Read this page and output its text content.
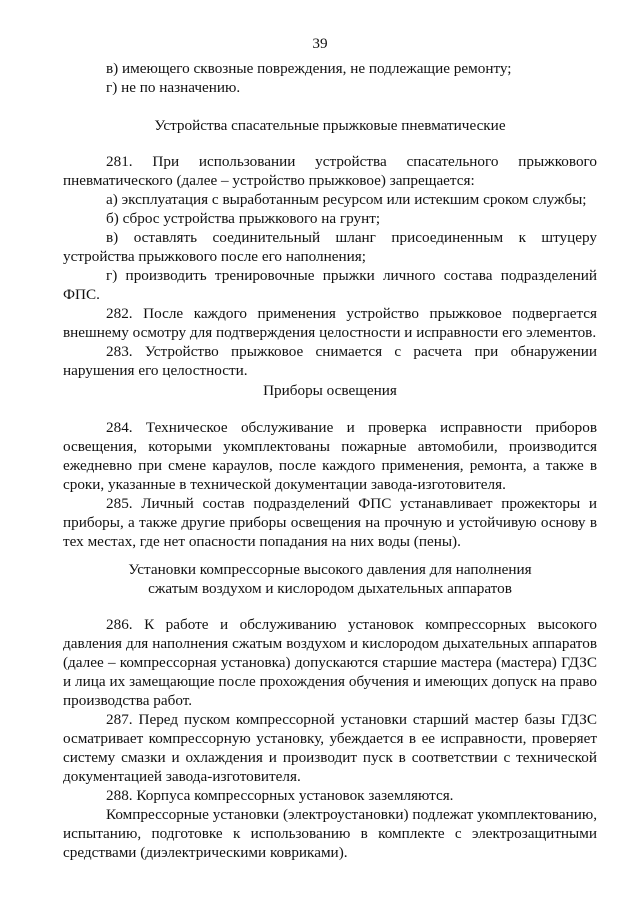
39

в) имеющего сквозные повреждения, не подлежащие ремонту;

г) не по назначению.

Устройства спасательные прыжковые пневматические

281. При использовании устройства спасательного прыжкового пневматического (далее – устройство прыжковое) запрещается:

а) эксплуатация с выработанным ресурсом или истекшим сроком службы;

б) сброс устройства прыжкового на грунт;

в) оставлять соединительный шланг присоединенным к штуцеру устройства прыжкового после его наполнения;

г) производить тренировочные прыжки личного состава подразделений ФПС.

282. После каждого применения устройство прыжковое подвергается внешнему осмотру для подтверждения целостности и исправности его элементов.

283. Устройство прыжковое снимается с расчета при обнаружении нарушения его целостности.

Приборы освещения

284. Техническое обслуживание и проверка исправности приборов освещения, которыми укомплектованы пожарные автомобили, производится ежедневно при смене караулов, после каждого применения, ремонта, а также в сроки, указанные в технической документации завода-изготовителя.

285. Личный состав подразделений ФПС устанавливает прожекторы и приборы, а также другие приборы освещения на прочную и устойчивую основу в тех местах, где нет опасности попадания на них воды (пены).

Установки компрессорные высокого давления для наполнения

сжатым воздухом и кислородом дыхательных аппаратов

286. К работе и обслуживанию установок компрессорных высокого давления для наполнения сжатым воздухом и кислородом дыхательных аппаратов (далее – компрессорная установка) допускаются старшие мастера (мастера) ГДЗС и лица их замещающие после прохождения обучения и имеющих допуск на право производства работ.

287. Перед пуском компрессорной установки старший мастер базы ГДЗС осматривает компрессорную установку, убеждается в ее исправности, проверяет систему смазки и охлаждения и производит пуск в соответствии с технической документацией завода-изготовителя.

288. Корпуса компрессорных установок заземляются.

Компрессорные установки (электроустановки) подлежат укомплектованию, испытанию, подготовке к использованию в комплекте с электрозащитными средствами (диэлектрическими ковриками).
